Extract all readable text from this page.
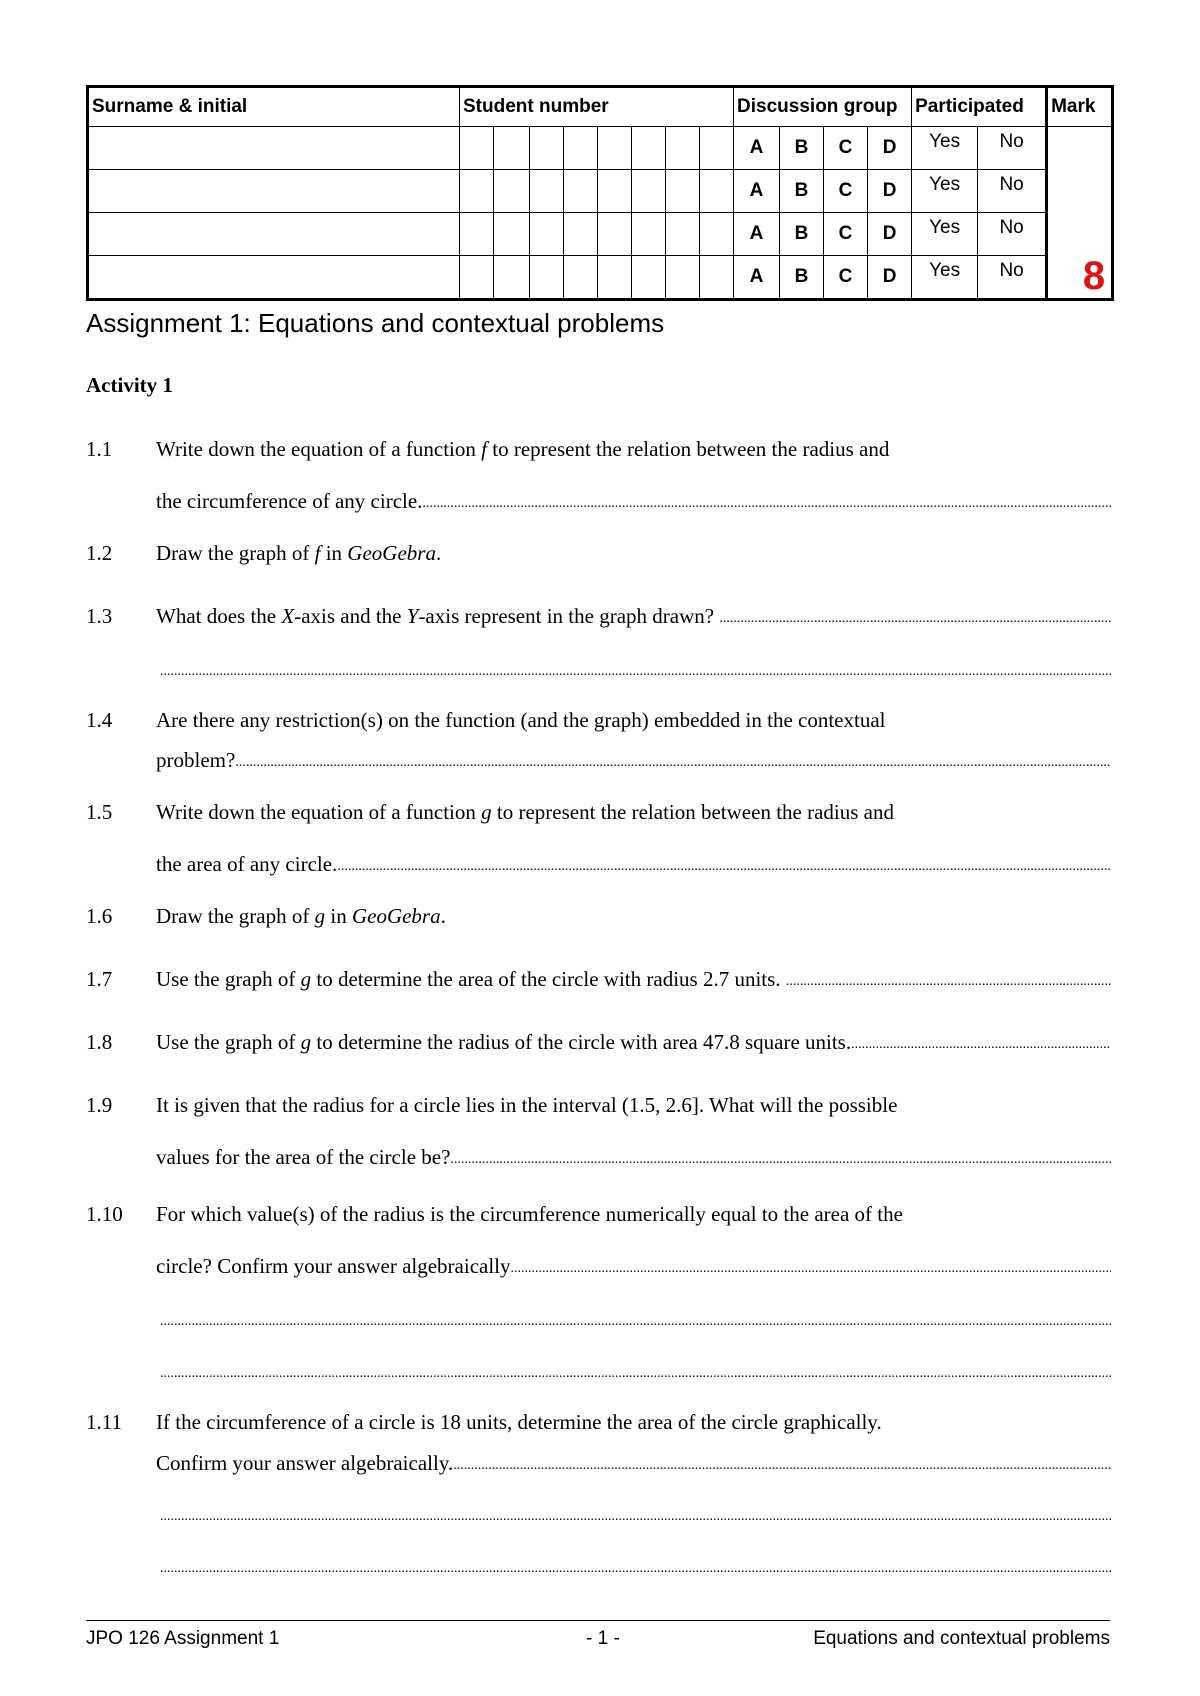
Surname & initial	Student number								Discussion group				Participated		Mark
									A	B	C	D	Yes	No	8
									A	B	C	D	Yes	No	
									A	B	C	D	Yes	No	
									A	B	C	D	Yes	No	
Assignment 1: Equations and contextual problems
Activity 1
1.1 Write down the equation of a function f to represent the relation between the radius and
the circumference of any circle.
.....
1.2 Draw the graph of f in GeoGebra.
1.3 What does the X-axis and the Y-axis represent in the graph drawn?
.....
.....
1.4 Are there any restriction(s) on the function (and the graph) embedded in the contextual
problem?
.....
1.5 Write down the equation of a function g to represent the relation between the radius and
the area of any circle.
.....
1.6 Draw the graph of g in GeoGebra.
1.7 Use the graph of g to determine the area of the circle with radius 2.7 units.
.....
1.8 Use the graph of g to determine the radius of the circle with area 47.8 square units.
.....
1.9 It is given that the radius for a circle lies in the interval (1.5, 2.6]. What will the possible
values for the area of the circle be?
.....
1.10 For which value(s) of the radius is the circumference numerically equal to the area of the
circle? Confirm your answer algebraically
.....
.....
.....
1.11 If the circumference of a circle is 18 units, determine the area of the circle graphically.
Confirm your answer algebraically.
.....
.....
.....
JPO 126 Assignment 1	- 1 -	Equations and contextual problems
